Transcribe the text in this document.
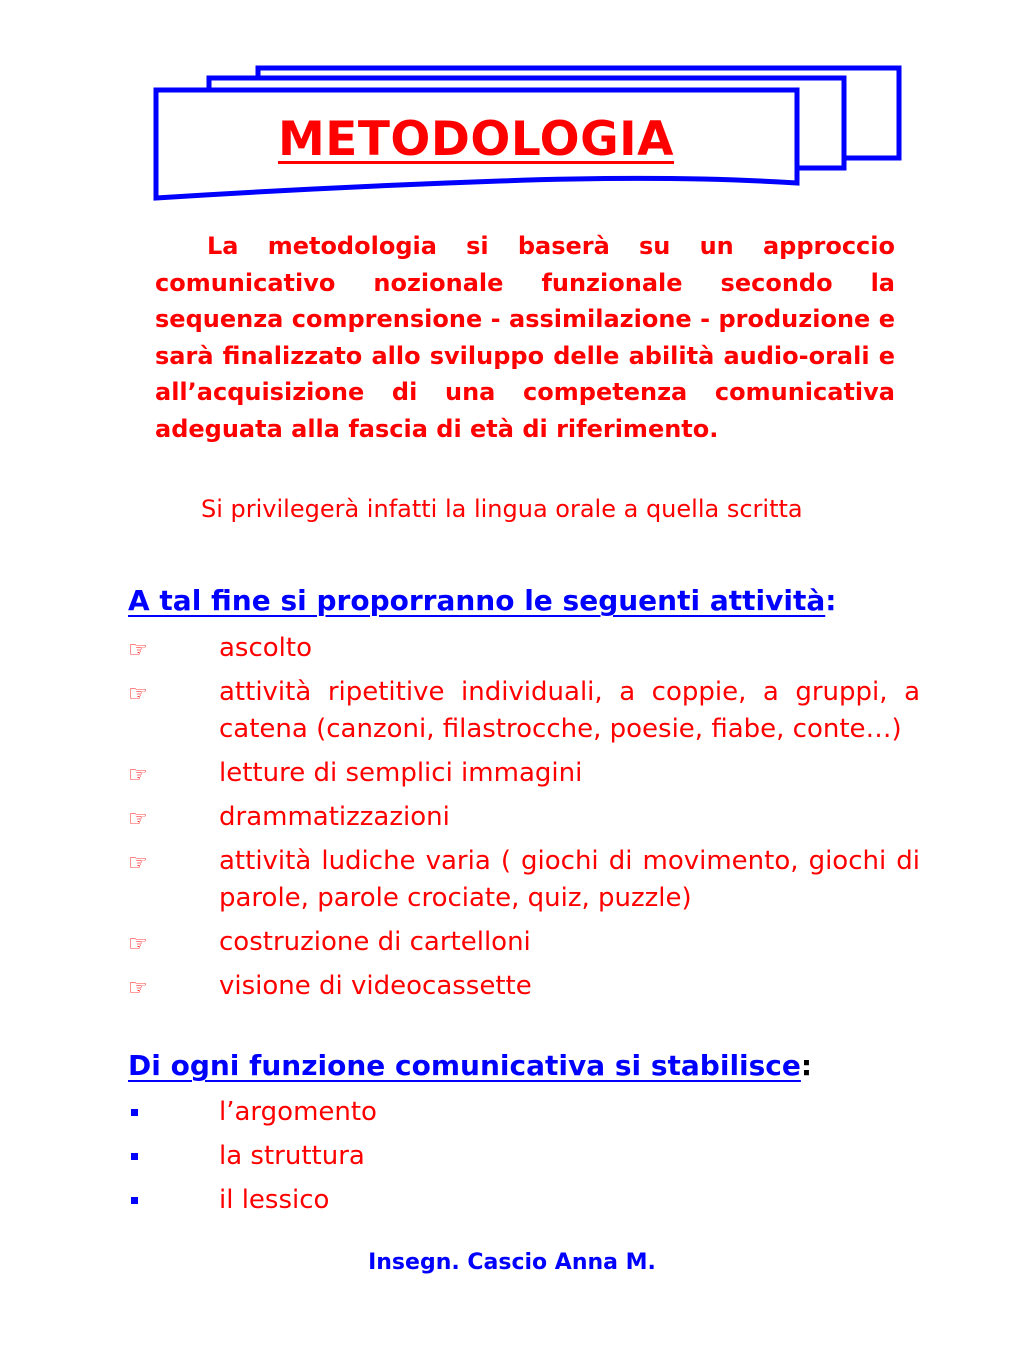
METODOLOGIA

La metodologia si baserà su un approccio comunicativo nozionale funzionale secondo la sequenza comprensione - assimilazione - produzione e sarà finalizzato allo sviluppo delle abilità audio-orali e all’acquisizione di una competenza comunicativa adeguata alla fascia di età di riferimento.

Si privilegerà infatti la lingua orale a quella scritta

A tal fine si proporranno le seguenti attività:
☞	ascolto
☞	attività ripetitive individuali, a coppie, a gruppi, a catena (canzoni, filastrocche, poesie, fiabe, conte…)
☞	letture di semplici immagini
☞	drammatizzazioni
☞	attività ludiche varia ( giochi di movimento, giochi di parole, parole crociate, quiz, puzzle)
☞	costruzione di cartelloni
☞	visione di videocassette
Di ogni funzione comunicativa si stabilisce:
l’argomento
la struttura
il lessico

Insegn. Cascio Anna M.
